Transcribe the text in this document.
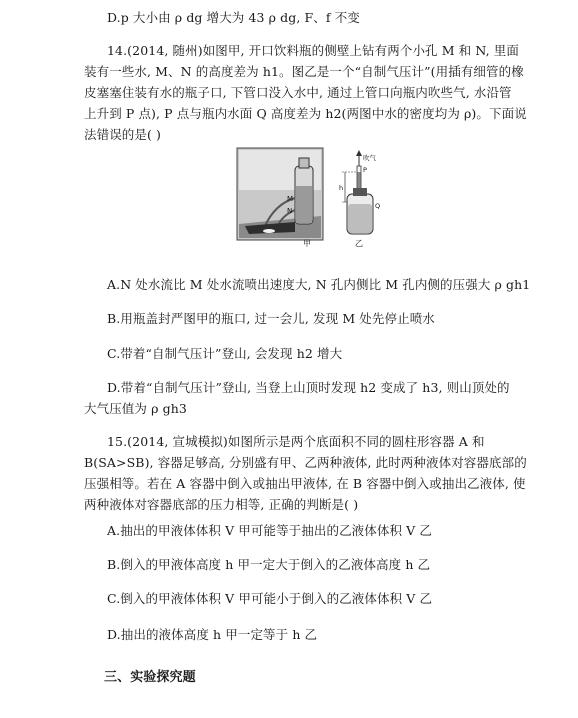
D.p 大小由 ρ dg 增大为 43 ρ dg, F、f 不变
14.(2014, 随州)如图甲, 开口饮料瓶的侧壁上钻有两个小孔 M 和 N, 里面
装有一些水, M、N 的高度差为 h1。图乙是一个“自制气压计”(用插有细管的橡
皮塞塞住装有水的瓶子口, 下管口没入水中, 通过上管口向瓶内吹些气, 水沿管
上升到 P 点), P 点与瓶内水面 Q 高度差为 h2(两图中水的密度均为 ρ)。下面说
法错误的是( )
M
N
甲
吹气
P
h
Q
乙
A.N 处水流比 M 处水流喷出速度大, N 孔内侧比 M 孔内侧的压强大 ρ gh1
B.用瓶盖封严图甲的瓶口, 过一会儿, 发现 M 处先停止喷水
C.带着“自制气压计”登山, 会发现 h2 增大
D.带着“自制气压计”登山, 当登上山顶时发现 h2 变成了 h3, 则山顶处的
大气压值为 ρ gh3
15.(2014, 宣城模拟)如图所示是两个底面积不同的圆柱形容器 A 和
B(SA>SB), 容器足够高, 分别盛有甲、乙两种液体, 此时两种液体对容器底部的
压强相等。若在 A 容器中倒入或抽出甲液体, 在 B 容器中倒入或抽出乙液体, 使
两种液体对容器底部的压力相等, 正确的判断是( )
A.抽出的甲液体体积 V 甲可能等于抽出的乙液体体积 V 乙
B.倒入的甲液体高度 h 甲一定大于倒入的乙液体高度 h 乙
C.倒入的甲液体体积 V 甲可能小于倒入的乙液体体积 V 乙
D.抽出的液体高度 h 甲一定等于 h 乙
三、实验探究题
